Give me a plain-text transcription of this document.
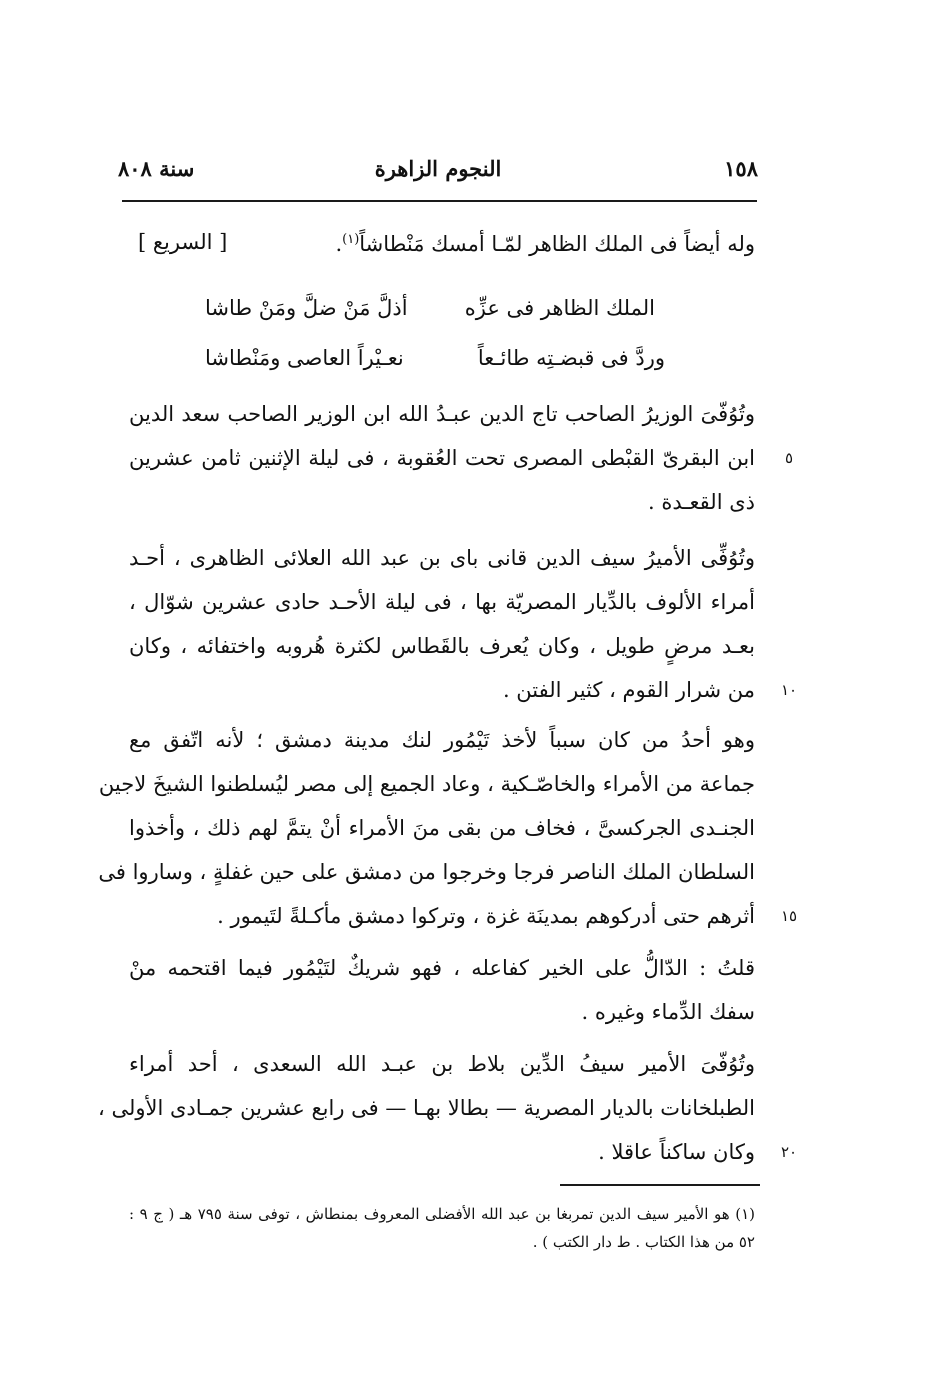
١٥٨
النجوم الزاهرة
سنة ٨٠٨
وله أيضاً فى الملك الظاهر لمّـا أمسك مَنْطاشاً$^{(١)}$.
[ السريع ]
الملك الظاهر فى عزِّه
أذلَّ مَنْ ضلَّ ومَنْ طاشا
وردَّ فى قبضـتِه طائـعاً
نعـيْراً العاصى ومَنْطاشا
وتُوُفّىَ الوزيرُ الصاحب تاج الدين عبـدُ الله ابن الوزير الصاحب سعد الدين
ابن البقرىّ القبْطى المصرى تحت العُقوبة ، فى ليلة الإثنين ثامن عشرين
ذى القعـدة .
وتُوُفِّى الأميرُ سيف الدين قانى باى بن عبد الله العلائى الظاهرى ، أحـد
أمراء الألوف بالدِّيار المصريّة بها ، فى ليلة الأحـد حادى عشرين شوّال ،
بعـد مرضٍ طويل ، وكان يُعرف بالقَطاس لكثرة هُروبه واختفائه ، وكان
من شرار القوم ، كثير الفتن .
وهو أحدُ من كان سبباً لأخذ تَيْمُور لنك مدينة دمشق ؛ لأنه اتّفق مع
جماعة من الأمراء والخاصّـكية ، وعاد الجميع إلى مصر ليُسلطنوا الشيخَ لاجين
الجنـدى الجركسىَّ ، فخاف من بقى منَ الأمراء أنْ يتمَّ لهم ذلك ، وأخذوا
السلطان الملك الناصر فرجا وخرجوا من دمشق على حين غفلةٍ ، وساروا فى
أثرهم حتى أدركوهم بمدينَة غزة ، وتركوا دمشق مأكـلةً لتَيمور .
قلتُ : الدّالُّ على الخير كفاعله ، فهو شريكٌ لتَيْمُور فيما اقتحمه منْ
سفك الدِّماء وغيره .
وتُوُفّىَ الأمير سيفُ الدِّين بلاط بن عبـد الله السعدى ، أحد أمراء
الطبلخانات بالديار المصرية — بطالا بهـا — فى رابع عشرين جمـادى الأولى ،
وكان ساكناً عاقلا .
٥
١٠
١٥
٢٠
(١) هو الأمير سيف الدين تمربغا بن عبد الله الأفضلى المعروف بمنطاش ، توفى سنة ٧٩٥ هـ ( ج ٩ :
٥٢ من هذا الكتاب . ط دار الكتب ) .
